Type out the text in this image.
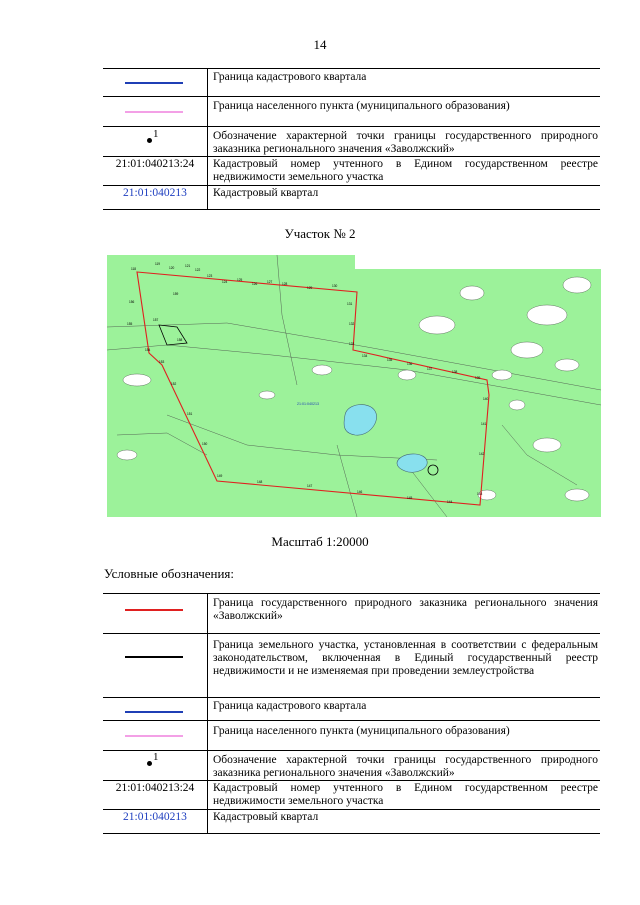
14
	Граница кадастрового квартала

	Граница населенного пункта (муниципального образования)

1	Обозначение характерной точки границы государственного природного заказника регионального значения «Заволжский»
21:01:040213:24	Кадастровый номер учтенного в Едином государственном реестре недвижимости земельного участка
21:01:040213	Кадастровый квартал
Участок № 2
118
119
120	121
122
123
124	125
126	127	128
129	130
131
132
133
134
135
136
137
138
139
140
141
142
143
144
145
146
147
148
149
150
151
152
153
154
155
156
157
158
159
21:01:040213
Масштаб 1:20000
Условные обозначения:
	Граница государственного природного заказника регионального значения «Заволжский»

	Граница земельного участка, установленная в соответствии с федеральным законодательством, включенная в Единый государственный реестр недвижимости и не изменяемая при проведении землеустройства

	Граница кадастрового квартала

	Граница населенного пункта (муниципального образования)

1	Обозначение характерной точки границы государственного природного заказника регионального значения «Заволжский»
21:01:040213:24	Кадастровый номер учтенного в Едином государственном реестре недвижимости земельного участка
21:01:040213	Кадастровый квартал
